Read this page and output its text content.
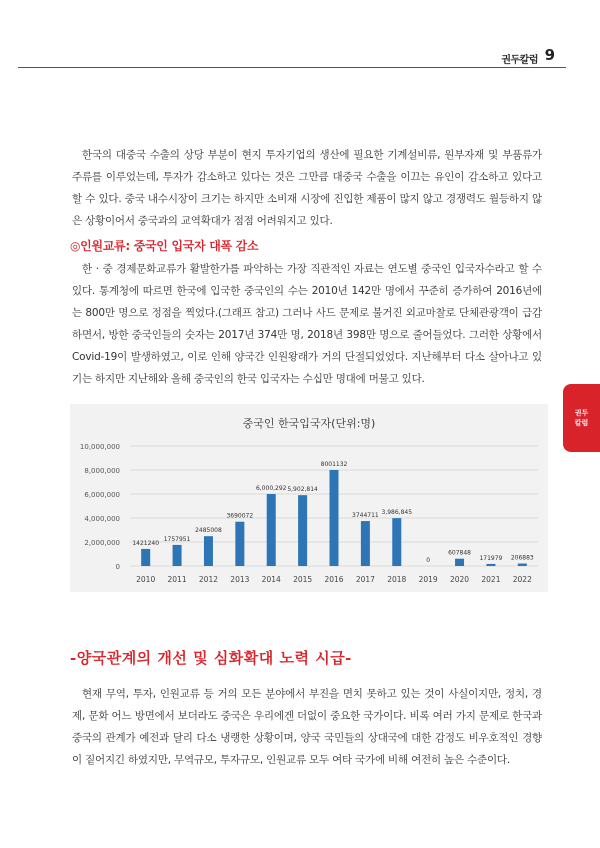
권두칼럼 9
권두
칼럼

한국의 대중국 수출의 상당 부분이 현지 투자기업의 생산에 필요한 기계설비류, 원부자재 및 부품류가 주류를 이루었는데, 투자가 감소하고 있다는 것은 그만큼 대중국 수출을 이끄는 유인이 감소하고 있다고 할 수 있다. 중국 내수시장이 크기는 하지만 소비재 시장에 진입한 제품이 많지 않고 경쟁력도 월등하지 않은 상황이어서 중국과의 교역확대가 점점 어려워지고 있다.

◎인원교류: 중국인 입국자 대폭 감소

한 · 중 경제문화교류가 활발한가를 파악하는 가장 직관적인 자료는 연도별 중국인 입국자수라고 할 수 있다. 통계청에 따르면 한국에 입국한 중국인의 수는 2010년 142만 명에서 꾸준히 증가하여 2016년에는 800만 명으로 정점을 찍었다.(그래프 참고) 그러나 사드 문제로 불거진 외교마찰로 단체관광객이 급감하면서, 방한 중국인들의 숫자는 2017년 374만 명, 2018년 398만 명으로 줄어들었다. 그러한 상황에서 Covid-19이 발생하였고, 이로 인해 양국간 인원왕래가 거의 단절되었었다. 지난해부터 다소 살아나고 있기는 하지만 지난해와 올해 중국인의 한국 입국자는 수십만 명대에 머물고 있다.

중국인 한국입국자(단위:명)
0
2,000,000
4,000,000
6,000,000
8,000,000
10,000,000
1421240
1757951
2485008
3690072
6,000,292 5,902,814
8001132
3744711 3,986,845
0
607848
171979 206883
2010 2011 2012 2013 2014 2015 2016 2017 2018 2019 2020 2021 2022
-양국관계의 개선 및 심화확대 노력 시급-

현재 무역, 투자, 인원교류 등 거의 모든 분야에서 부진을 면치 못하고 있는 것이 사실이지만, 정치, 경제, 문화 어느 방면에서 보더라도 중국은 우리에겐 더없이 중요한 국가이다. 비록 여러 가지 문제로 한국과 중국의 관계가 예전과 달리 다소 냉랭한 상황이며, 양국 국민들의 상대국에 대한 감정도 비우호적인 경향이 짙어지긴 하였지만, 무역규모, 투자규모, 인원교류 모두 여타 국가에 비해 여전히 높은 수준이다.
